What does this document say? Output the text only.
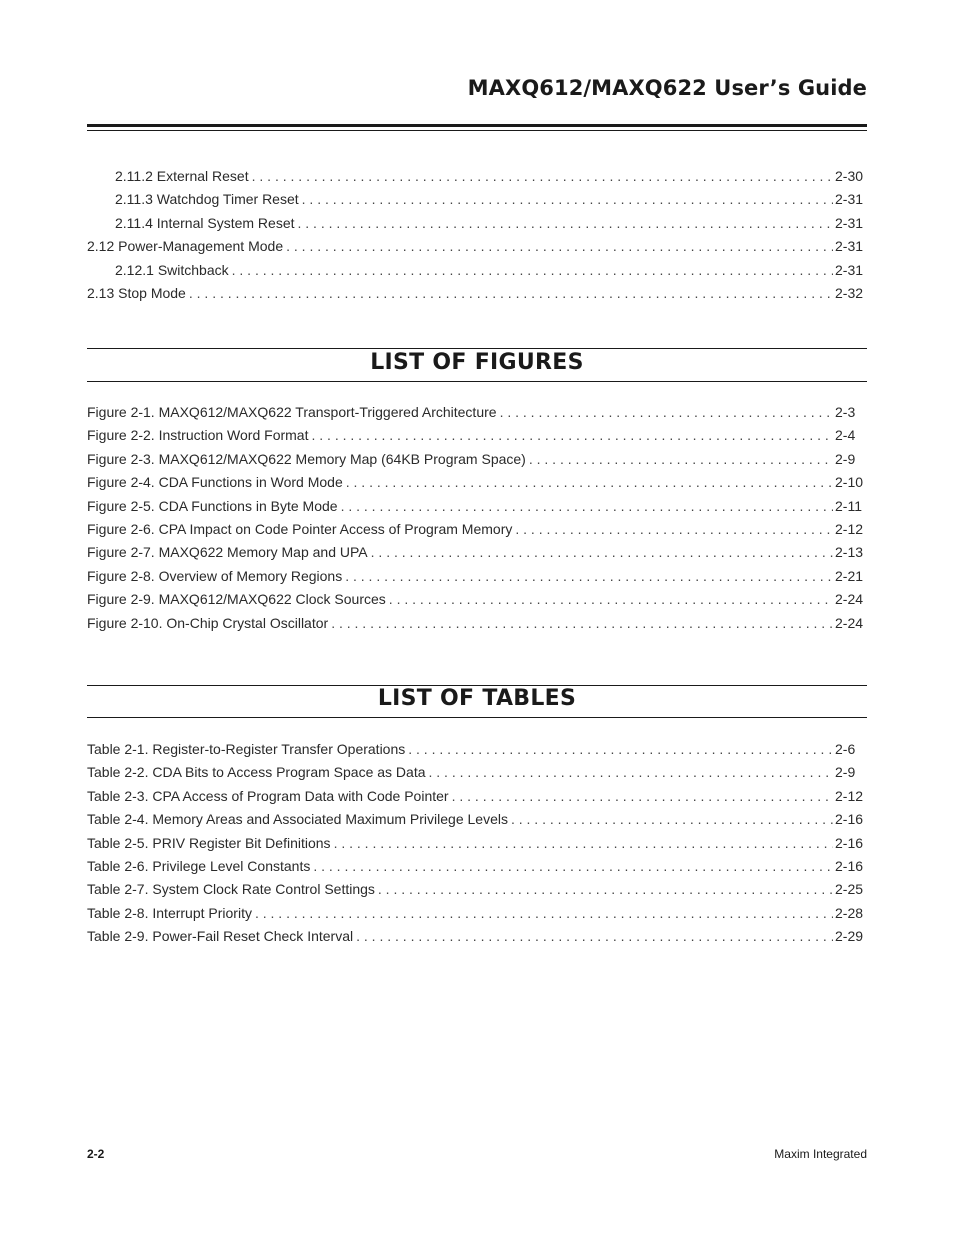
MAXQ612/MAXQ622 User’s Guide
2.11.2 External Reset . . .	2-30
2.11.3 Watchdog Timer Reset . . .	2-31
2.11.4 Internal System Reset . . .	2-31
2.12 Power-Management Mode . . .	2-31
2.12.1 Switchback . . .	2-31
2.13 Stop Mode . . .	2-32
LIST OF FIGURES
Figure 2-1. MAXQ612/MAXQ622 Transport-Triggered Architecture . . .	2-3
Figure 2-2. Instruction Word Format . . .	2-4
Figure 2-3. MAXQ612/MAXQ622 Memory Map (64KB Program Space) . . .	2-9
Figure 2-4. CDA Functions in Word Mode . . .	2-10
Figure 2-5. CDA Functions in Byte Mode . . .	2-11
Figure 2-6. CPA Impact on Code Pointer Access of Program Memory . . .	2-12
Figure 2-7. MAXQ622 Memory Map and UPA . . .	2-13
Figure 2-8. Overview of Memory Regions . . .	2-21
Figure 2-9. MAXQ612/MAXQ622 Clock Sources . . .	2-24
Figure 2-10. On-Chip Crystal Oscillator . . .	2-24
LIST OF TABLES
Table 2-1. Register-to-Register Transfer Operations . . .	2-6
Table 2-2. CDA Bits to Access Program Space as Data . . .	2-9
Table 2-3. CPA Access of Program Data with Code Pointer . . .	2-12
Table 2-4. Memory Areas and Associated Maximum Privilege Levels . . .	2-16
Table 2-5. PRIV Register Bit Definitions . . .	2-16
Table 2-6. Privilege Level Constants . . .	2-16
Table 2-7. System Clock Rate Control Settings . . .	2-25
Table 2-8. Interrupt Priority . . .	2-28
Table 2-9. Power-Fail Reset Check Interval . . .	2-29
2-2	Maxim Integrated
